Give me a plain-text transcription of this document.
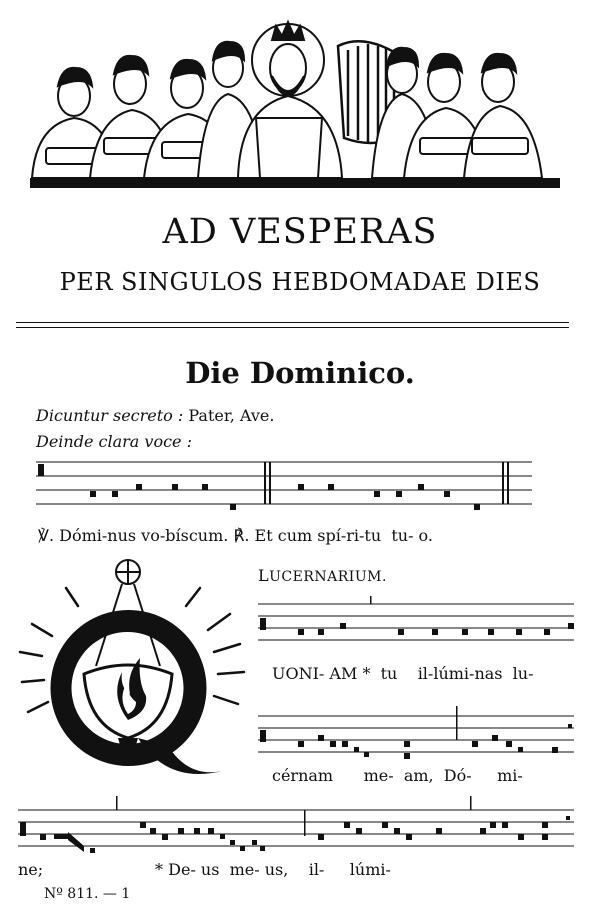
AD VESPERAS
PER SINGULOS HEBDOMADAE DIES
Die Dominico.
Dicuntur secreto : Pater, Ave.
Deinde clara voce :
℣. Dómi-nus vo-bíscum. ℟. Et cum spí-ri-tu  tu- o.
LUCERNARIUM.
UONI- AM *  tu    il-lúmi-nas  lu-
cérnam      me-  am,  Dó-     mi-
ne;                      * De- us  me- us,    il-     lúmi-
Nº 811. — 1
